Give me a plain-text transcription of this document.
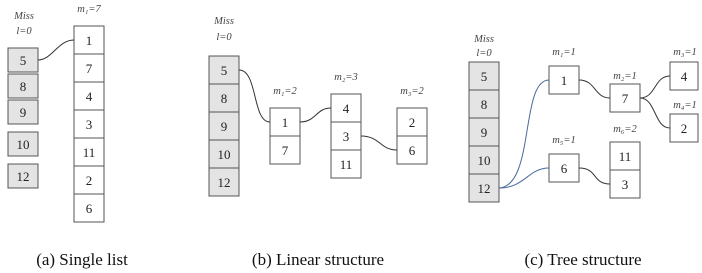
Miss
l=0
5
8
9
10
12
m₁=7
1
7
4
3
11
2
6
(a) Single list
Miss
l=0
5
8
9
10
12
m₁=2
1
7
m₂=3
4
3
11
m₃=2
2
6
(b) Linear structure
Miss
l=0
5
8
9
10
12
m₁=1
1	m₂=1
7
m₃=1
4
m₄=1
2
m₅=1
6
m₆=2
11
3
(c) Tree structure
